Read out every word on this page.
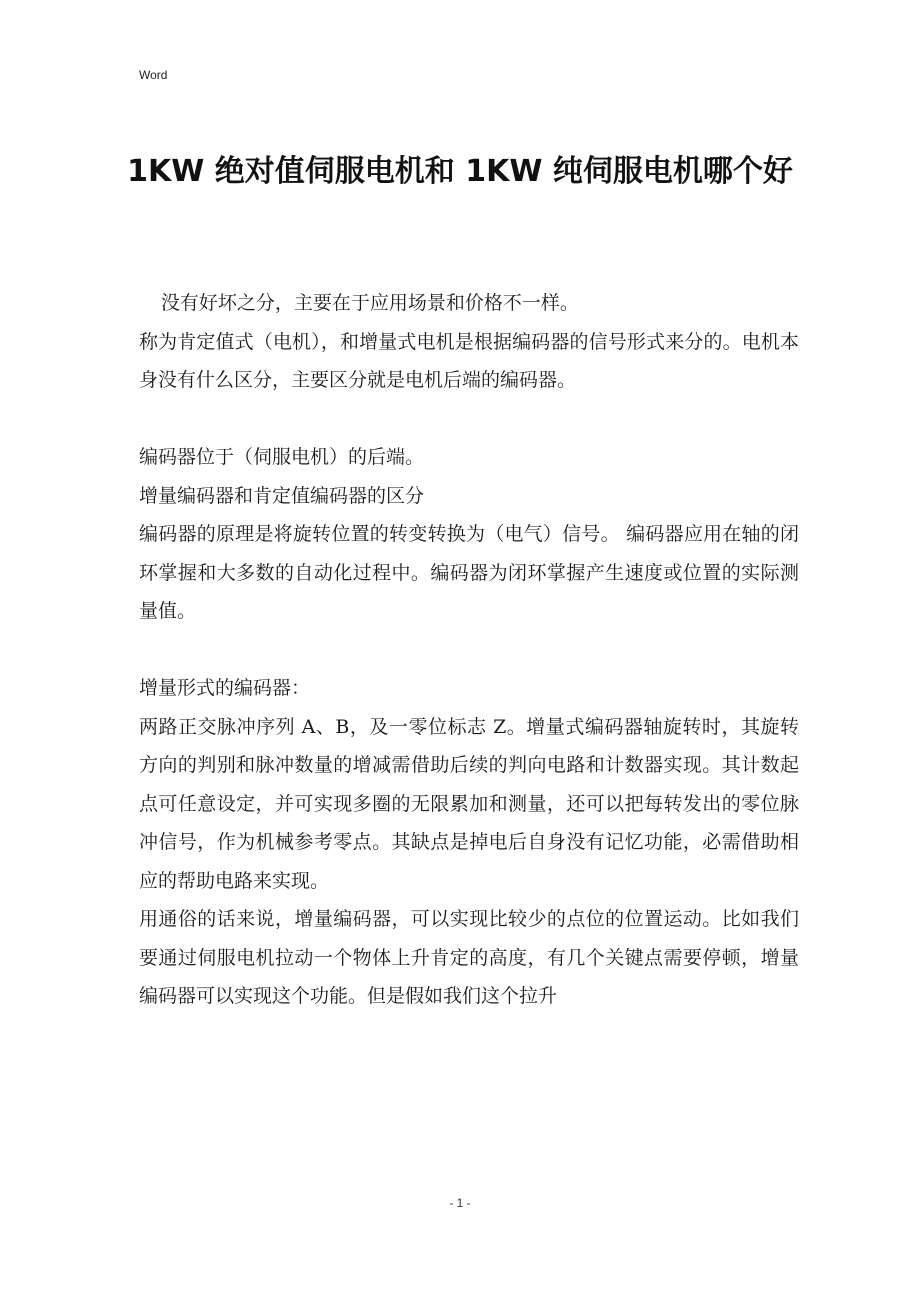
Word
1KW 绝对值伺服电机和 1KW 纯伺服电机哪个好

没有好坏之分，主要在于应用场景和价格不一样。

称为肯定值式（电机），和增量式电机是根据编码器的信号形式来分的。电机本身没有什么区分，主要区分就是电机后端的编码器。

编码器位于（伺服电机）的后端。

增量编码器和肯定值编码器的区分

编码器的原理是将旋转位置的转变转换为（电气）信号。 编码器应用在轴的闭环掌握和大多数的自动化过程中。编码器为闭环掌握产生速度或位置的实际测量值。

增量形式的编码器：

两路正交脉冲序列 A、B，及一零位标志 Z。增量式编码器轴旋转时，其旋转方向的判别和脉冲数量的增减需借助后续的判向电路和计数器实现。其计数起点可任意设定，并可实现多圈的无限累加和测量，还可以把每转发出的零位脉冲信号，作为机械参考零点。其缺点是掉电后自身没有记忆功能，必需借助相应的帮助电路来实现。

用通俗的话来说，增量编码器，可以实现比较少的点位的位置运动。比如我们要通过伺服电机拉动一个物体上升肯定的高度，有几个关键点需要停顿，增量编码器可以实现这个功能。但是假如我们这个拉升

- 1 -
